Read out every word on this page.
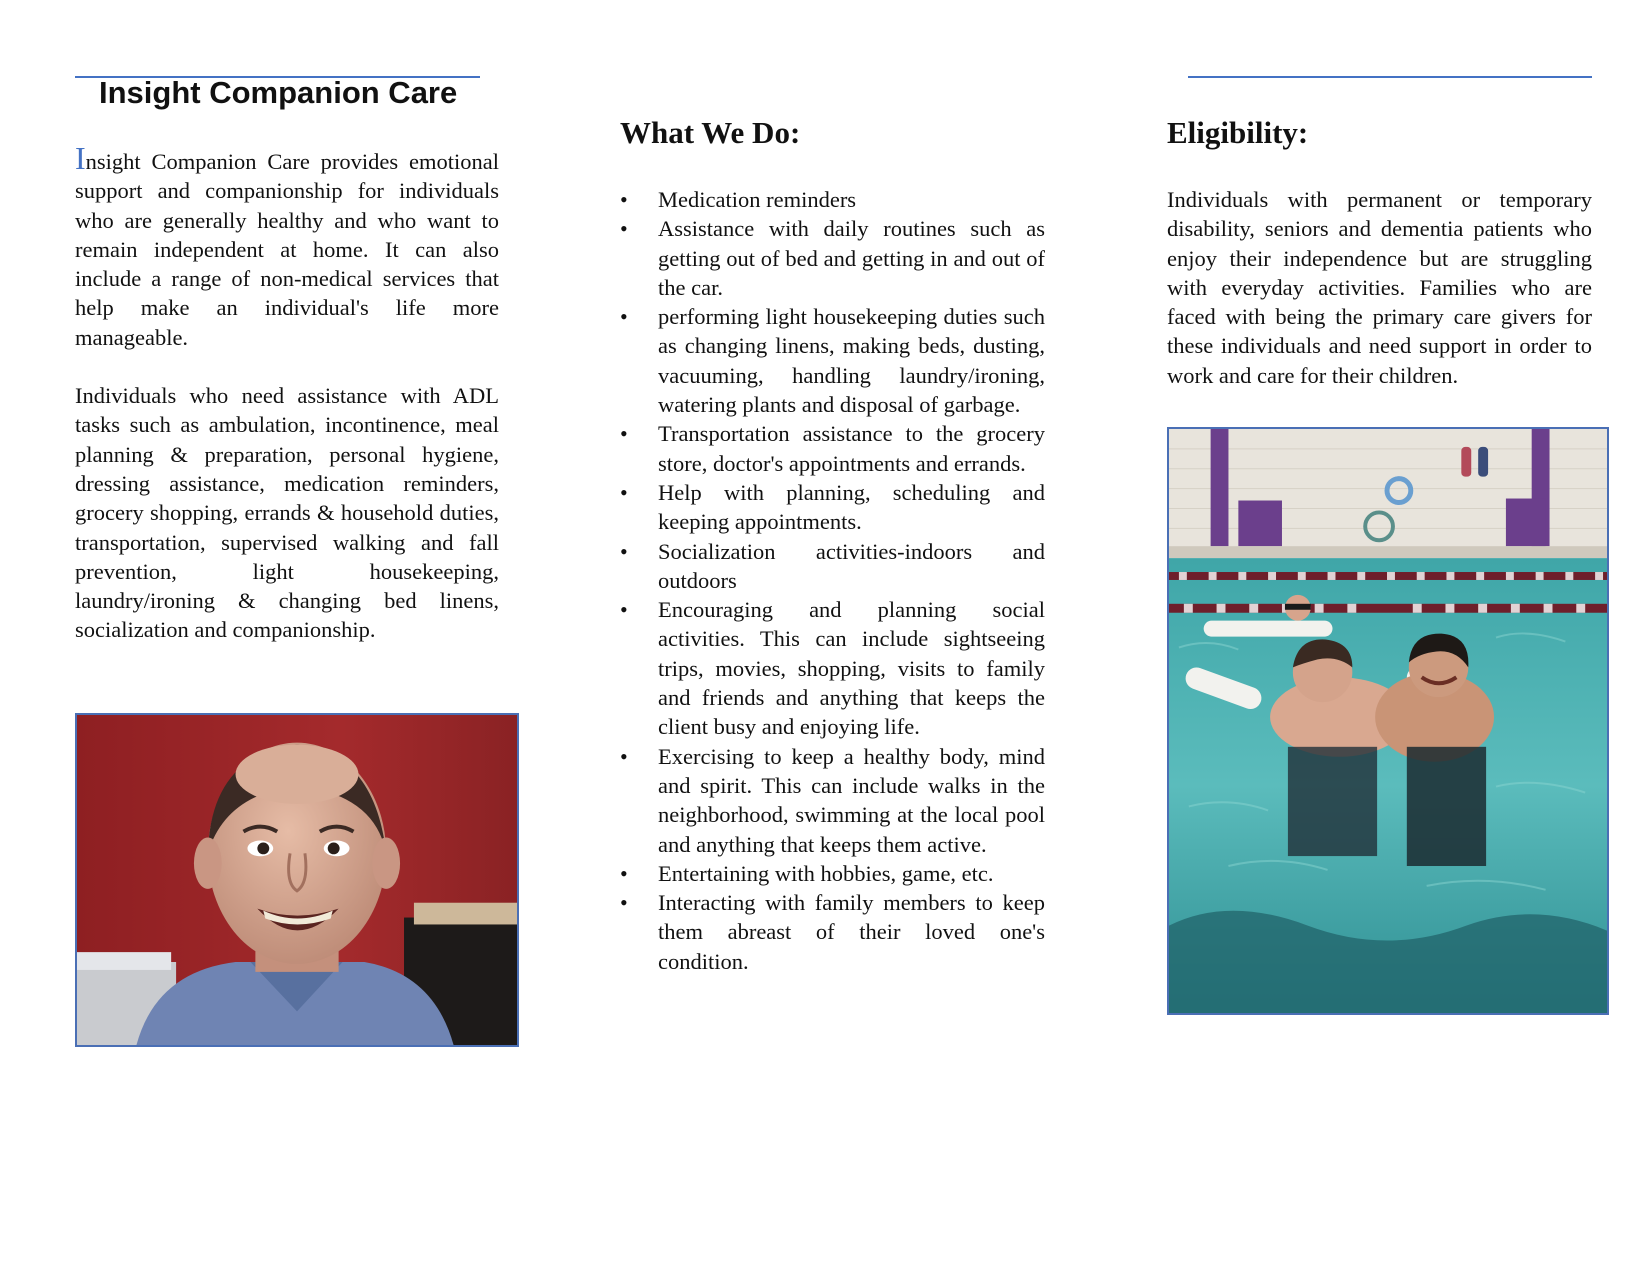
Insight Companion Care

Insight Companion Care provides emotional support and companionship for individuals who are generally healthy and who want to remain independent at home. It can also include a range of non-medical services that help make an individual's life more manageable.

Individuals who need assistance with ADL tasks such as ambulation, incontinence, meal planning & preparation, personal hygiene, dressing assistance, medication reminders, grocery shopping, errands & household duties, transportation, supervised walking and fall prevention, light housekeeping, laundry/ironing & changing bed linens, socialization and companionship.

What We Do:
•	Medication reminders
•	Assistance with daily routines such as getting out of bed and getting in and out of the car.
•	performing light housekeeping duties such as changing linens, making beds, dusting, vacuuming, handling laundry/ironing, watering plants and disposal of garbage.
•	Transportation assistance to the grocery store, doctor's appointments and errands.
•	Help with planning, scheduling and keeping appointments.
•	Socialization activities-indoors and outdoors
•	Encouraging and planning social activities. This can include sightseeing trips, movies, shopping, visits to family and friends and anything that keeps the client busy and enjoying life.
•	Exercising to keep a healthy body, mind and spirit. This can include walks in the neighborhood, swimming at the local pool and anything that keeps them active.
•	Entertaining with hobbies, game, etc.
•	Interacting with family members to keep them abreast of their loved one's condition.
Eligibility:

Individuals with permanent or temporary disability, seniors and dementia patients who enjoy their independence but are struggling with everyday activities. Families who are faced with being the primary care givers for these individuals and need support in order to work and care for their children.
